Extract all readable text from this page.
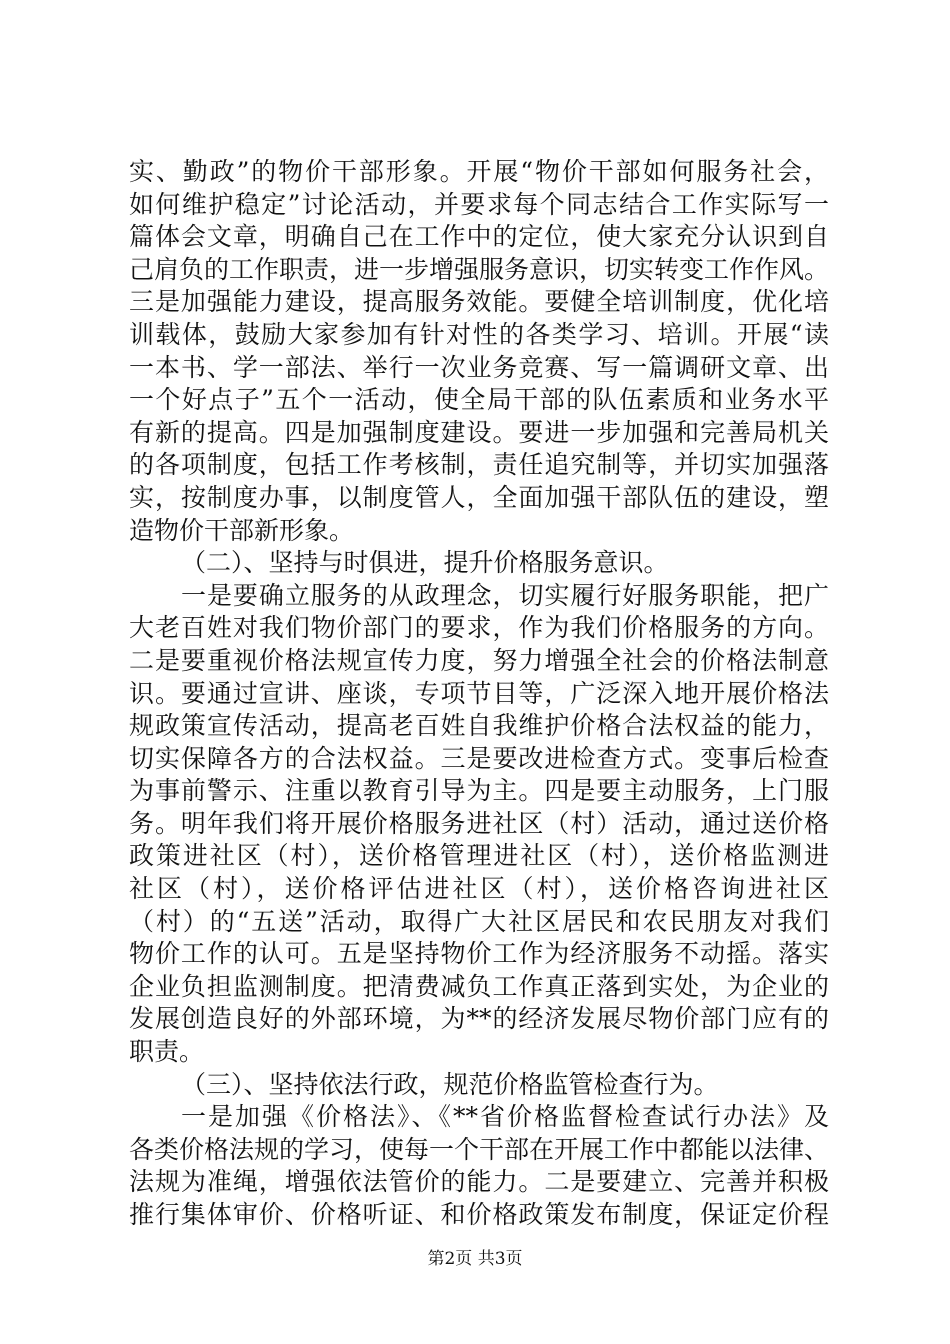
实、勤政”的物价干部形象。开展“物价干部如何服务社会，
如何维护稳定”讨论活动，并要求每个同志结合工作实际写一
篇体会文章，明确自己在工作中的定位，使大家充分认识到自
己肩负的工作职责，进一步增强服务意识，切实转变工作作风。
三是加强能力建设，提高服务效能。要健全培训制度，优化培
训载体，鼓励大家参加有针对性的各类学习、培训。开展“读
一本书、学一部法、举行一次业务竞赛、写一篇调研文章、出
一个好点子”五个一活动，使全局干部的队伍素质和业务水平
有新的提高。四是加强制度建设。要进一步加强和完善局机关
的各项制度，包括工作考核制，责任追究制等，并切实加强落
实，按制度办事，以制度管人，全面加强干部队伍的建设，塑
造物价干部新形象。
（二）、坚持与时俱进，提升价格服务意识。
一是要确立服务的从政理念，切实履行好服务职能，把广
大老百姓对我们物价部门的要求，作为我们价格服务的方向。
二是要重视价格法规宣传力度，努力增强全社会的价格法制意
识。要通过宣讲、座谈，专项节目等，广泛深入地开展价格法
规政策宣传活动，提高老百姓自我维护价格合法权益的能力，
切实保障各方的合法权益。三是要改进检查方式。变事后检查
为事前警示、注重以教育引导为主。四是要主动服务，上门服
务。明年我们将开展价格服务进社区（村）活动，通过送价格
政策进社区（村），送价格管理进社区（村），送价格监测进
社区（村），送价格评估进社区（村），送价格咨询进社区
（村）的“五送”活动，取得广大社区居民和农民朋友对我们
物价工作的认可。五是坚持物价工作为经济服务不动摇。落实
企业负担监测制度。把清费减负工作真正落到实处，为企业的
发展创造良好的外部环境，为**的经济发展尽物价部门应有的
职责。
（三）、坚持依法行政，规范价格监管检查行为。
一是加强《价格法》、《**省价格监督检查试行办法》及
各类价格法规的学习，使每一个干部在开展工作中都能以法律、
法规为准绳，增强依法管价的能力。二是要建立、完善并积极
推行集体审价、价格听证、和价格政策发布制度，保证定价程
第2页 共3页
